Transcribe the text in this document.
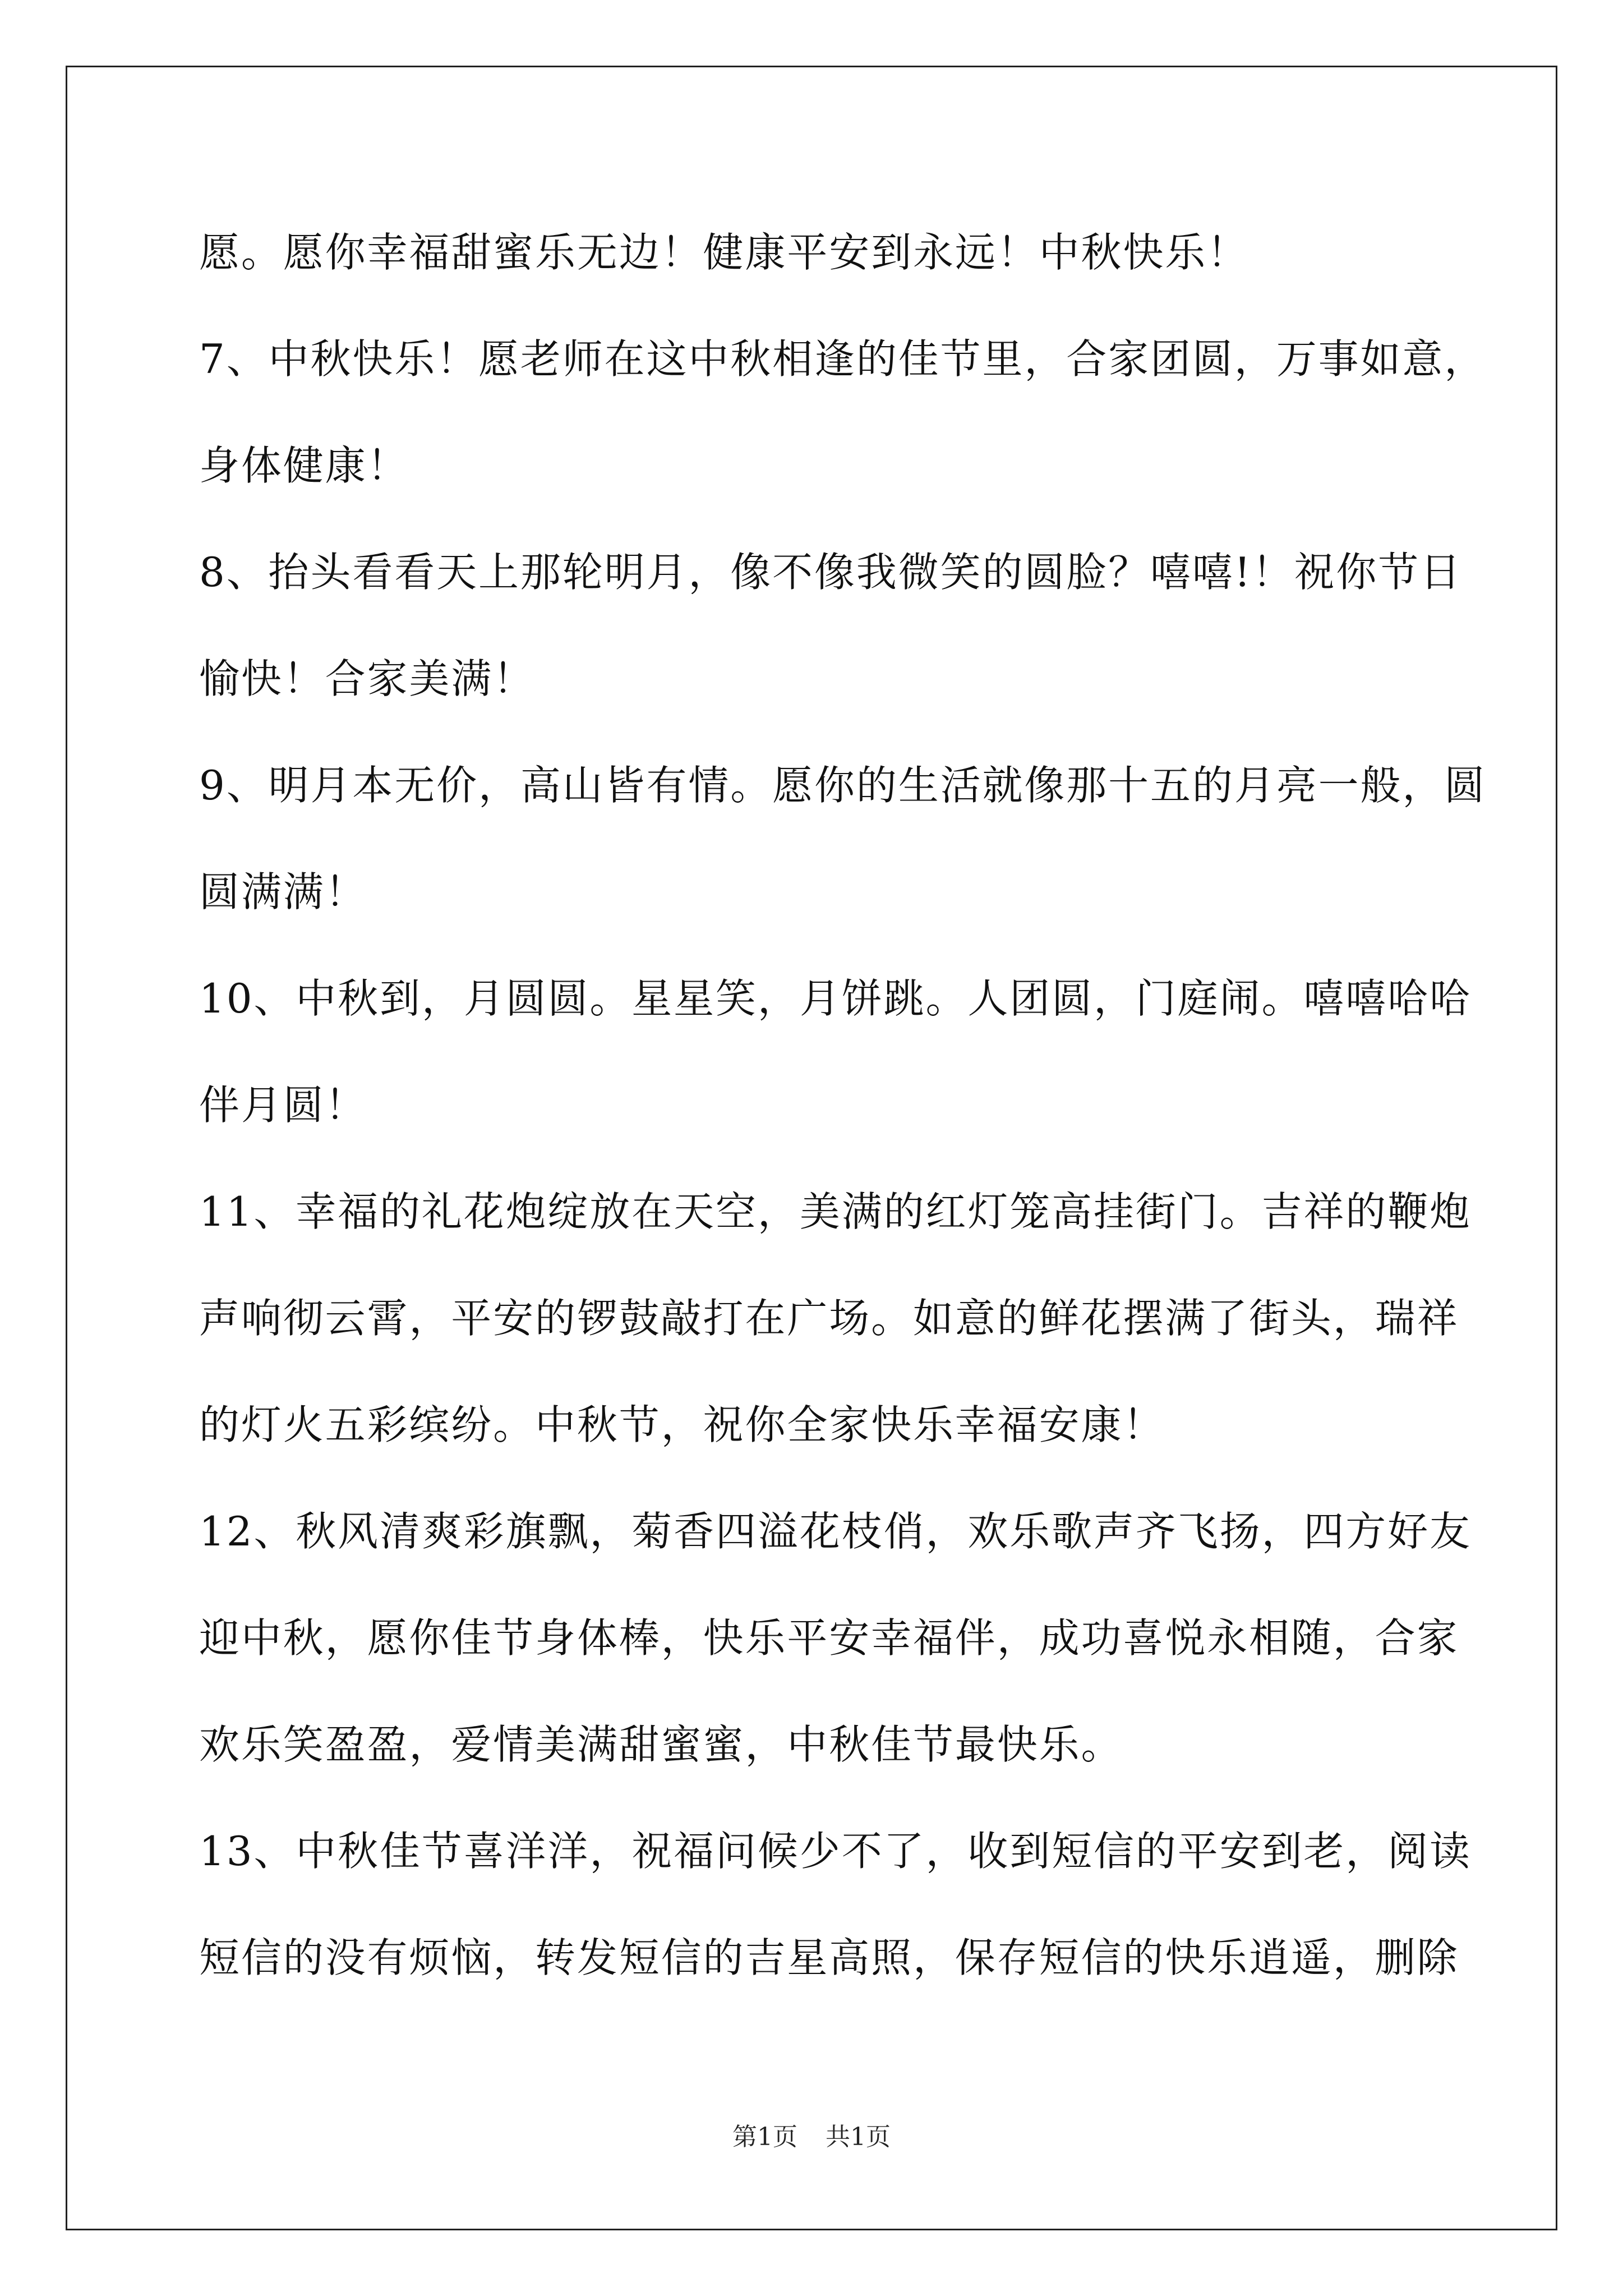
愿。愿你幸福甜蜜乐无边！健康平安到永远！中秋快乐！
7、中秋快乐！愿老师在这中秋相逢的佳节里，合家团圆，万事如意，
身体健康！
8、抬头看看天上那轮明月，像不像我微笑的圆脸？嘻嘻!！祝你节日
愉快！合家美满！
9、明月本无价，高山皆有情。愿你的生活就像那十五的月亮一般，圆
圆满满！
10、中秋到，月圆圆。星星笑，月饼跳。人团圆，门庭闹。嘻嘻哈哈
伴月圆！
11、幸福的礼花炮绽放在天空，美满的红灯笼高挂街门。吉祥的鞭炮
声响彻云霄，平安的锣鼓敲打在广场。如意的鲜花摆满了街头，瑞祥
的灯火五彩缤纷。中秋节，祝你全家快乐幸福安康！
12、秋风清爽彩旗飘，菊香四溢花枝俏，欢乐歌声齐飞扬，四方好友
迎中秋，愿你佳节身体棒，快乐平安幸福伴，成功喜悦永相随，合家
欢乐笑盈盈，爱情美满甜蜜蜜，中秋佳节最快乐。
13、中秋佳节喜洋洋，祝福问候少不了，收到短信的平安到老，阅读
短信的没有烦恼，转发短信的吉星高照，保存短信的快乐逍遥，删除
第1页 共1页
